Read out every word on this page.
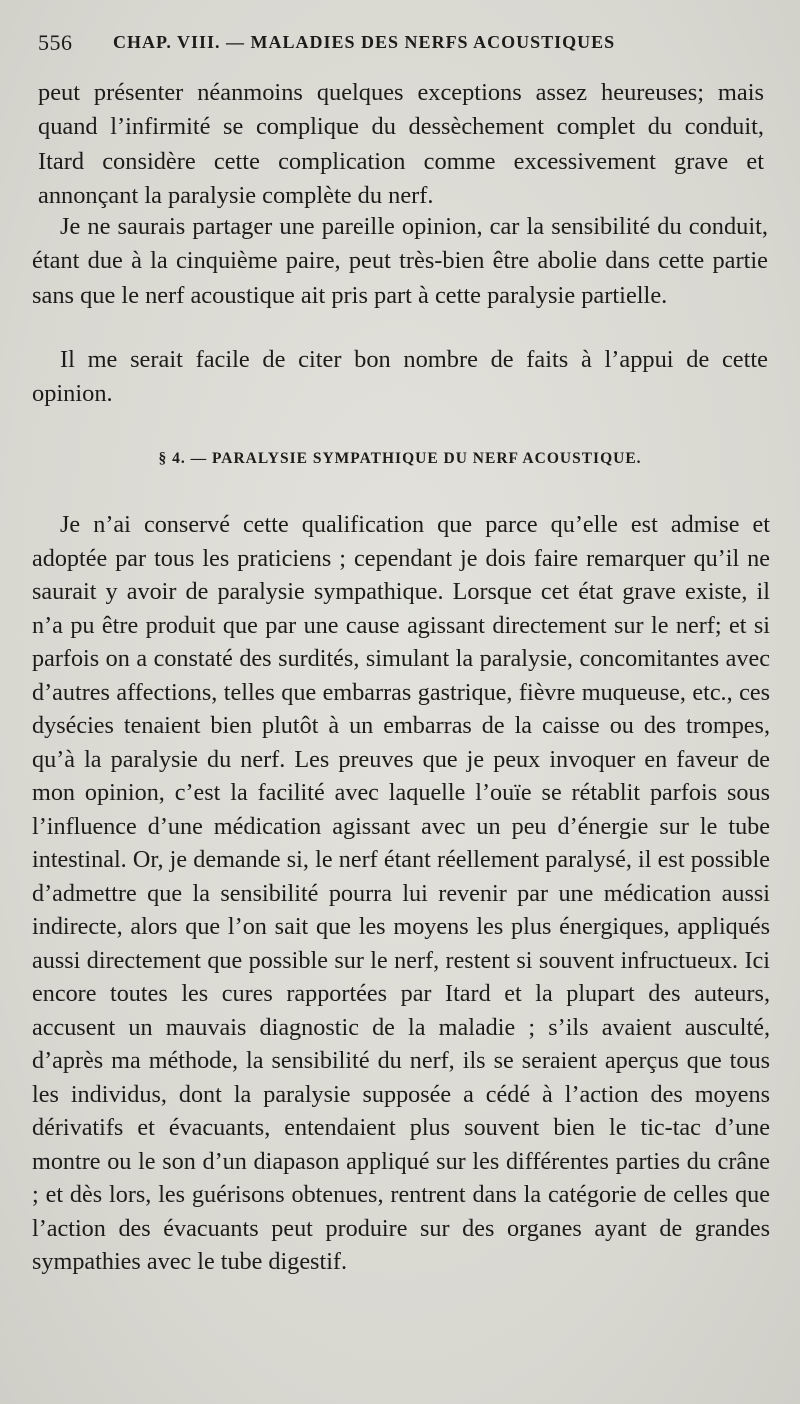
556 CHAP. VIII. — MALADIES DES NERFS ACOUSTIQUES

peut présenter néanmoins quelques exceptions assez heureuses; mais quand l’infirmité se complique du dessèchement complet du conduit, Itard considère cette complication comme excessivement grave et annonçant la paralysie complète du nerf.

Je ne saurais partager une pareille opinion, car la sensibilité du conduit, étant due à la cinquième paire, peut très-bien être abolie dans cette partie sans que le nerf acoustique ait pris part à cette paralysie partielle.

Il me serait facile de citer bon nombre de faits à l’appui de cette opinion.

§ 4. — PARALYSIE SYMPATHIQUE DU NERF ACOUSTIQUE.

Je n’ai conservé cette qualification que parce qu’elle est admise et adoptée par tous les praticiens ; cependant je dois faire remarquer qu’il ne saurait y avoir de paralysie sympathique. Lorsque cet état grave existe, il n’a pu être produit que par une cause agissant directement sur le nerf; et si parfois on a constaté des surdités, simulant la paralysie, concomitantes avec d’autres affections, telles que embarras gastrique, fièvre muqueuse, etc., ces dysécies tenaient bien plutôt à un embarras de la caisse ou des trompes, qu’à la paralysie du nerf. Les preuves que je peux invoquer en faveur de mon opinion, c’est la facilité avec laquelle l’ouïe se rétablit parfois sous l’influence d’une médication agissant avec un peu d’énergie sur le tube intestinal. Or, je demande si, le nerf étant réellement paralysé, il est possible d’admettre que la sensibilité pourra lui revenir par une médication aussi indirecte, alors que l’on sait que les moyens les plus énergiques, appliqués aussi directement que possible sur le nerf, restent si souvent infructueux. Ici encore toutes les cures rapportées par Itard et la plupart des auteurs, accusent un mauvais diagnostic de la maladie ; s’ils avaient ausculté, d’après ma méthode, la sensibilité du nerf, ils se seraient aperçus que tous les individus, dont la paralysie supposée a cédé à l’action des moyens dérivatifs et évacuants, entendaient plus souvent bien le tic-tac d’une montre ou le son d’un diapason appliqué sur les différentes parties du crâne ; et dès lors, les guérisons obtenues, rentrent dans la catégorie de celles que l’action des évacuants peut produire sur des organes ayant de grandes sympathies avec le tube digestif.
